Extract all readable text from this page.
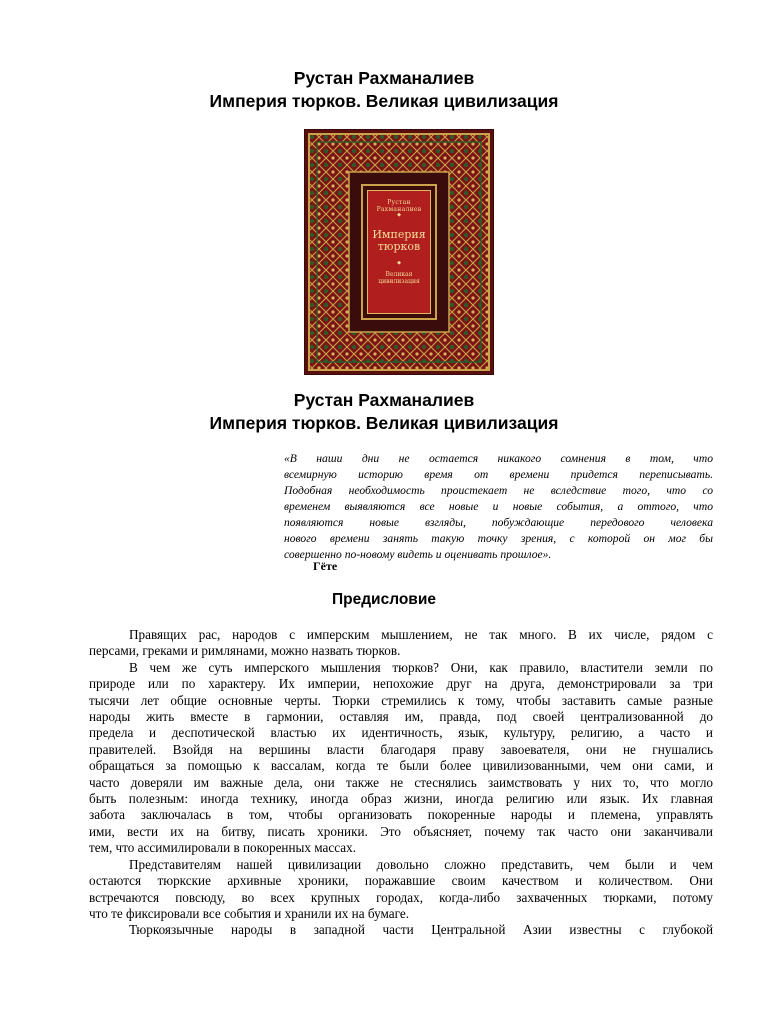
Рустан Рахманалиев
Империя тюрков. Великая цивилизация
Рустан Рахманалиев
◆
Империя
тюрков
◆
Великая
цивилизация
Рустан Рахманалиев
Империя тюрков. Великая цивилизация
«В наши дни не остается никакого сомнения в том, что
всемирную историю время от времени придется переписывать.
Подобная необходимость проистекает не вследствие того, что со
временем выявляются все новые и новые события, а оттого, что
появляются новые взгляды, побуждающие передового человека
нового времени занять такую точку зрения, с которой он мог бы
совершенно по-новому видеть и оценивать прошлое».
Гёте
Предисловие
Правящих рас, народов с имперским мышлением, не так много. В их числе, рядом с
персами, греками и римлянами, можно назвать тюрков.
В чем же суть имперского мышления тюрков? Они, как правило, властители земли по
природе или по характеру. Их империи, непохожие друг на друга, демонстрировали за три
тысячи лет общие основные черты. Тюрки стремились к тому, чтобы заставить самые разные
народы жить вместе в гармонии, оставляя им, правда, под своей централизованной до
предела и деспотической властью их идентичность, язык, культуру, религию, а часто и
правителей. Взойдя на вершины власти благодаря праву завоевателя, они не гнушались
обращаться за помощью к вассалам, когда те были более цивилизованными, чем они сами, и
часто доверяли им важные дела, они также не стеснялись заимствовать у них то, что могло
быть полезным: иногда технику, иногда образ жизни, иногда религию или язык. Их главная
забота заключалась в том, чтобы организовать покоренные народы и племена, управлять
ими, вести их на битву, писать хроники. Это объясняет, почему так часто они заканчивали
тем, что ассимилировали в покоренных массах.
Представителям нашей цивилизации довольно сложно представить, чем были и чем
остаются тюркские архивные хроники, поражавшие своим качеством и количеством. Они
встречаются повсюду, во всех крупных городах, когда-либо захваченных тюрками, потому
что те фиксировали все события и хранили их на бумаге.
Тюркоязычные народы в западной части Центральной Азии известны с глубокой
